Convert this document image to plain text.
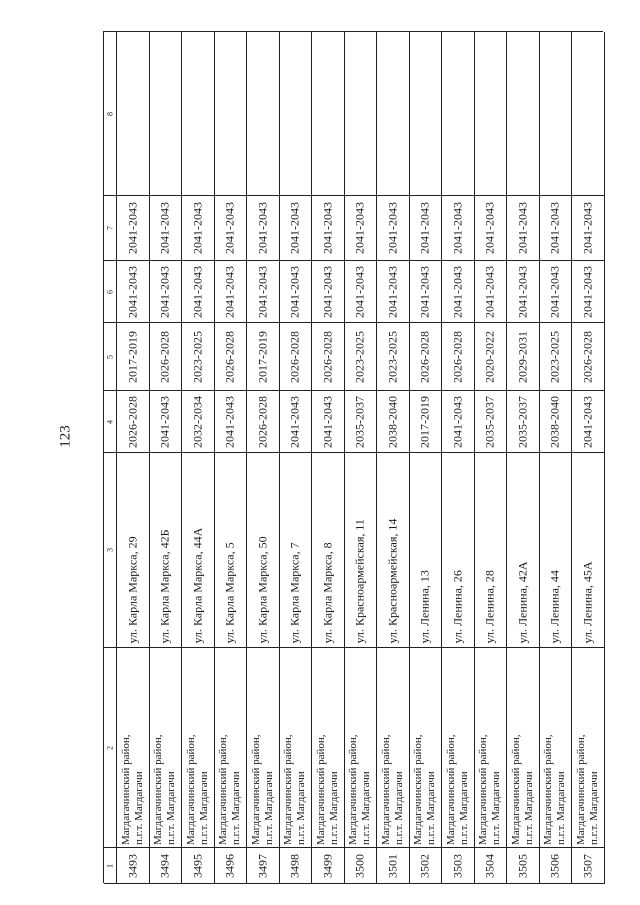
123
1
2
3
4
5
6
7
8
3493
Магдагачинский район, п.г.т. Магдагачи
ул. Карла Маркса, 29
2026-2028
2017-2019
2041-2043
2041-2043
3494
Магдагачинский район, п.г.т. Магдагачи
ул. Карла Маркса, 42Б
2041-2043
2026-2028
2041-2043
2041-2043
3495
Магдагачинский район, п.г.т. Магдагачи
ул. Карла Маркса, 44А
2032-2034
2023-2025
2041-2043
2041-2043
3496
Магдагачинский район, п.г.т. Магдагачи
ул. Карла Маркса, 5
2041-2043
2026-2028
2041-2043
2041-2043
3497
Магдагачинский район, п.г.т. Магдагачи
ул. Карла Маркса, 50
2026-2028
2017-2019
2041-2043
2041-2043
3498
Магдагачинский район, п.г.т. Магдагачи
ул. Карла Маркса, 7
2041-2043
2026-2028
2041-2043
2041-2043
3499
Магдагачинский район, п.г.т. Магдагачи
ул. Карла Маркса, 8
2041-2043
2026-2028
2041-2043
2041-2043
3500
Магдагачинский район, п.г.т. Магдагачи
ул. Красноармейская, 11
2035-2037
2023-2025
2041-2043
2041-2043
3501
Магдагачинский район, п.г.т. Магдагачи
ул. Красноармейская, 14
2038-2040
2023-2025
2041-2043
2041-2043
3502
Магдагачинский район, п.г.т. Магдагачи
ул. Ленина, 13
2017-2019
2026-2028
2041-2043
2041-2043
3503
Магдагачинский район, п.г.т. Магдагачи
ул. Ленина, 26
2041-2043
2026-2028
2041-2043
2041-2043
3504
Магдагачинский район, п.г.т. Магдагачи
ул. Ленина, 28
2035-2037
2020-2022
2041-2043
2041-2043
3505
Магдагачинский район, п.г.т. Магдагачи
ул. Ленина, 42А
2035-2037
2029-2031
2041-2043
2041-2043
3506
Магдагачинский район, п.г.т. Магдагачи
ул. Ленина, 44
2038-2040
2023-2025
2041-2043
2041-2043
3507
Магдагачинский район, п.г.т. Магдагачи
ул. Ленина, 45А
2041-2043
2026-2028
2041-2043
2041-2043
